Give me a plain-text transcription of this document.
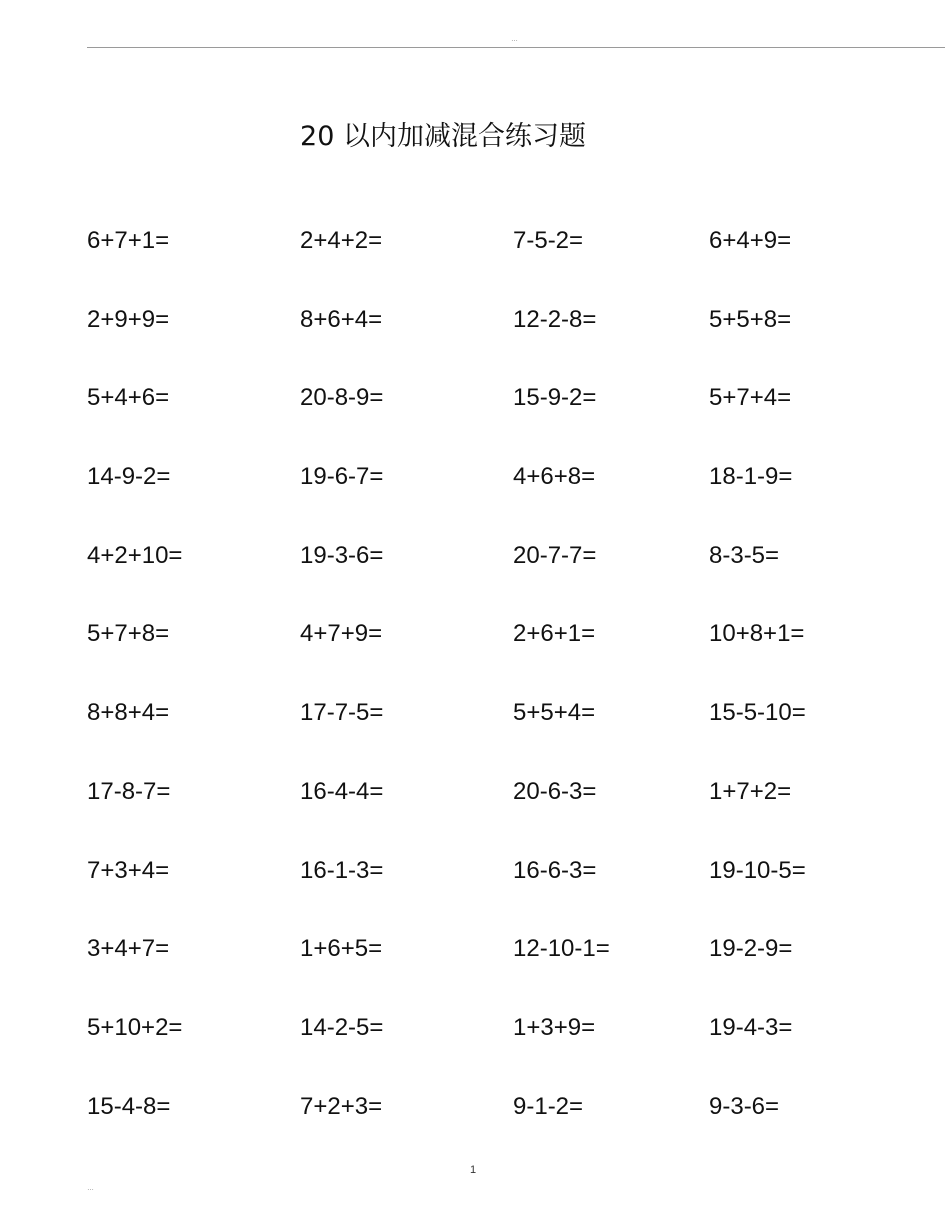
…
20 以内加减混合练习题
6+7+1=	2+4+2=	7-5-2=	6+4+9=
2+9+9=	8+6+4=	12-2-8=	5+5+8=
5+4+6=	20-8-9=	15-9-2=	5+7+4=
14-9-2=	19-6-7=	4+6+8=	18-1-9=
4+2+10=	19-3-6=	20-7-7=	8-3-5=
5+7+8=	4+7+9=	2+6+1=	10+8+1=
8+8+4=	17-7-5=	5+5+4=	15-5-10=
17-8-7=	16-4-4=	20-6-3=	1+7+2=
7+3+4=	16-1-3=	16-6-3=	19-10-5=
3+4+7=	1+6+5=	12-10-1=	19-2-9=
5+10+2=	14-2-5=	1+3+9=	19-4-3=
15-4-8=	7+2+3=	9-1-2=	9-3-6=
1
…
